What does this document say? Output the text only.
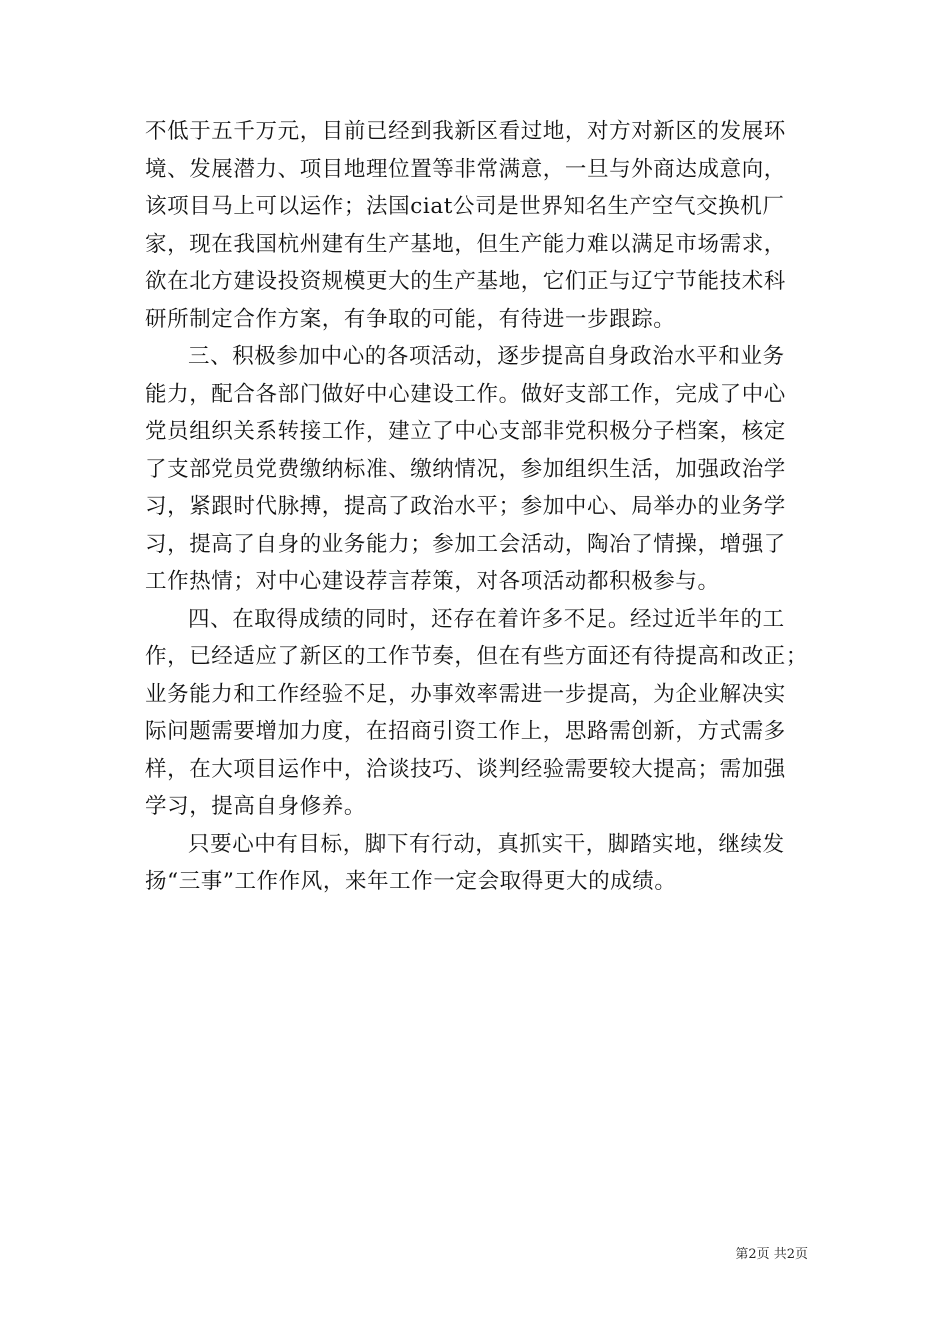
不低于五千万元，目前已经到我新区看过地，对方对新区的发展环
境、发展潜力、项目地理位置等非常满意，一旦与外商达成意向，
该项目马上可以运作；法国ciat公司是世界知名生产空气交换机厂
家，现在我国杭州建有生产基地，但生产能力难以满足市场需求，
欲在北方建设投资规模更大的生产基地，它们正与辽宁节能技术科
研所制定合作方案，有争取的可能，有待进一步跟踪。
三、积极参加中心的各项活动，逐步提高自身政治水平和业务
能力，配合各部门做好中心建设工作。做好支部工作，完成了中心
党员组织关系转接工作，建立了中心支部非党积极分子档案，核定
了支部党员党费缴纳标准、缴纳情况，参加组织生活，加强政治学
习，紧跟时代脉搏，提高了政治水平；参加中心、局举办的业务学
习，提高了自身的业务能力；参加工会活动，陶冶了情操，增强了
工作热情；对中心建设荐言荐策，对各项活动都积极参与。
四、在取得成绩的同时，还存在着许多不足。经过近半年的工
作，已经适应了新区的工作节奏，但在有些方面还有待提高和改正；
业务能力和工作经验不足，办事效率需进一步提高，为企业解决实
际问题需要增加力度，在招商引资工作上，思路需创新，方式需多
样，在大项目运作中，洽谈技巧、谈判经验需要较大提高；需加强
学习，提高自身修养。
只要心中有目标，脚下有行动，真抓实干，脚踏实地，继续发
扬“三事”工作作风，来年工作一定会取得更大的成绩。
第2页 共2页
